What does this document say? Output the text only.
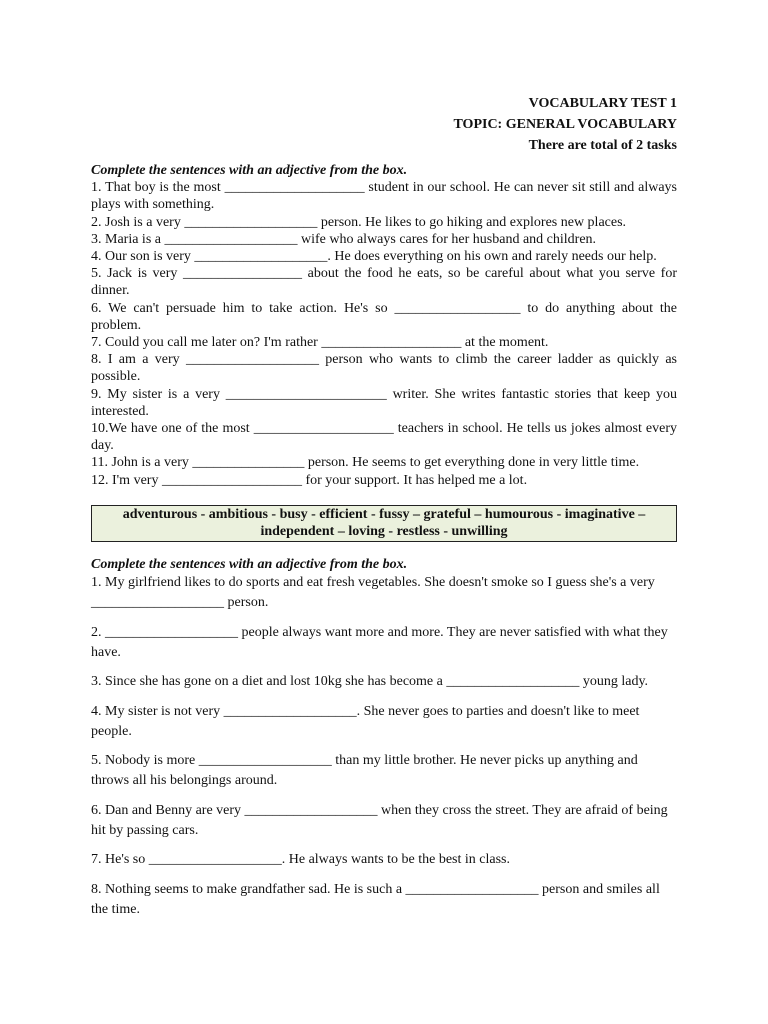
VOCABULARY TEST 1
TOPIC: GENERAL VOCABULARY
There are total of 2 tasks

Complete the sentences with an adjective from the box.

1. That boy is the most ____________________ student in our school. He can never sit still and always plays with something.

2. Josh is a very ___________________ person. He likes to go hiking and explores new places.

3. Maria is a ___________________ wife who always cares for her husband and children.

4. Our son is very ___________________. He does everything on his own and rarely needs our help.

5. Jack is very _________________ about the food he eats, so be careful about what you serve for dinner.

6. We can't persuade him to take action. He's so __________________ to do anything about the problem.

7. Could you call me later on? I'm rather ____________________ at the moment.

8. I am a very ___________________ person who wants to climb the career ladder as quickly as possible.

9. My sister is a very _______________________ writer. She writes fantastic stories that keep you interested.

10.We have one of the most ____________________ teachers in school. He tells us jokes almost every day.

11. John is a very ________________ person. He seems to get everything done in very little time.

12. I'm very ____________________ for your support. It has helped me a lot.

adventurous - ambitious - busy - efficient - fussy – grateful – humourous - imaginative –
independent – loving - restless - unwilling

Complete the sentences with an adjective from the box.

1. My girlfriend likes to do sports and eat fresh vegetables. She doesn't smoke so I guess she's a very ___________________ person.

2. ___________________ people always want more and more. They are never satisfied with what they have.

3. Since she has gone on a diet and lost 10kg she has become a ___________________ young lady.

4. My sister is not very ___________________. She never goes to parties and doesn't like to meet people.

5. Nobody is more ___________________ than my little brother. He never picks up anything and throws all his belongings around.

6. Dan and Benny are very ___________________ when they cross the street. They are afraid of being hit by passing cars.

7. He's so ___________________. He always wants to be the best in class.

8. Nothing seems to make grandfather sad. He is such a ___________________ person and smiles all the time.
